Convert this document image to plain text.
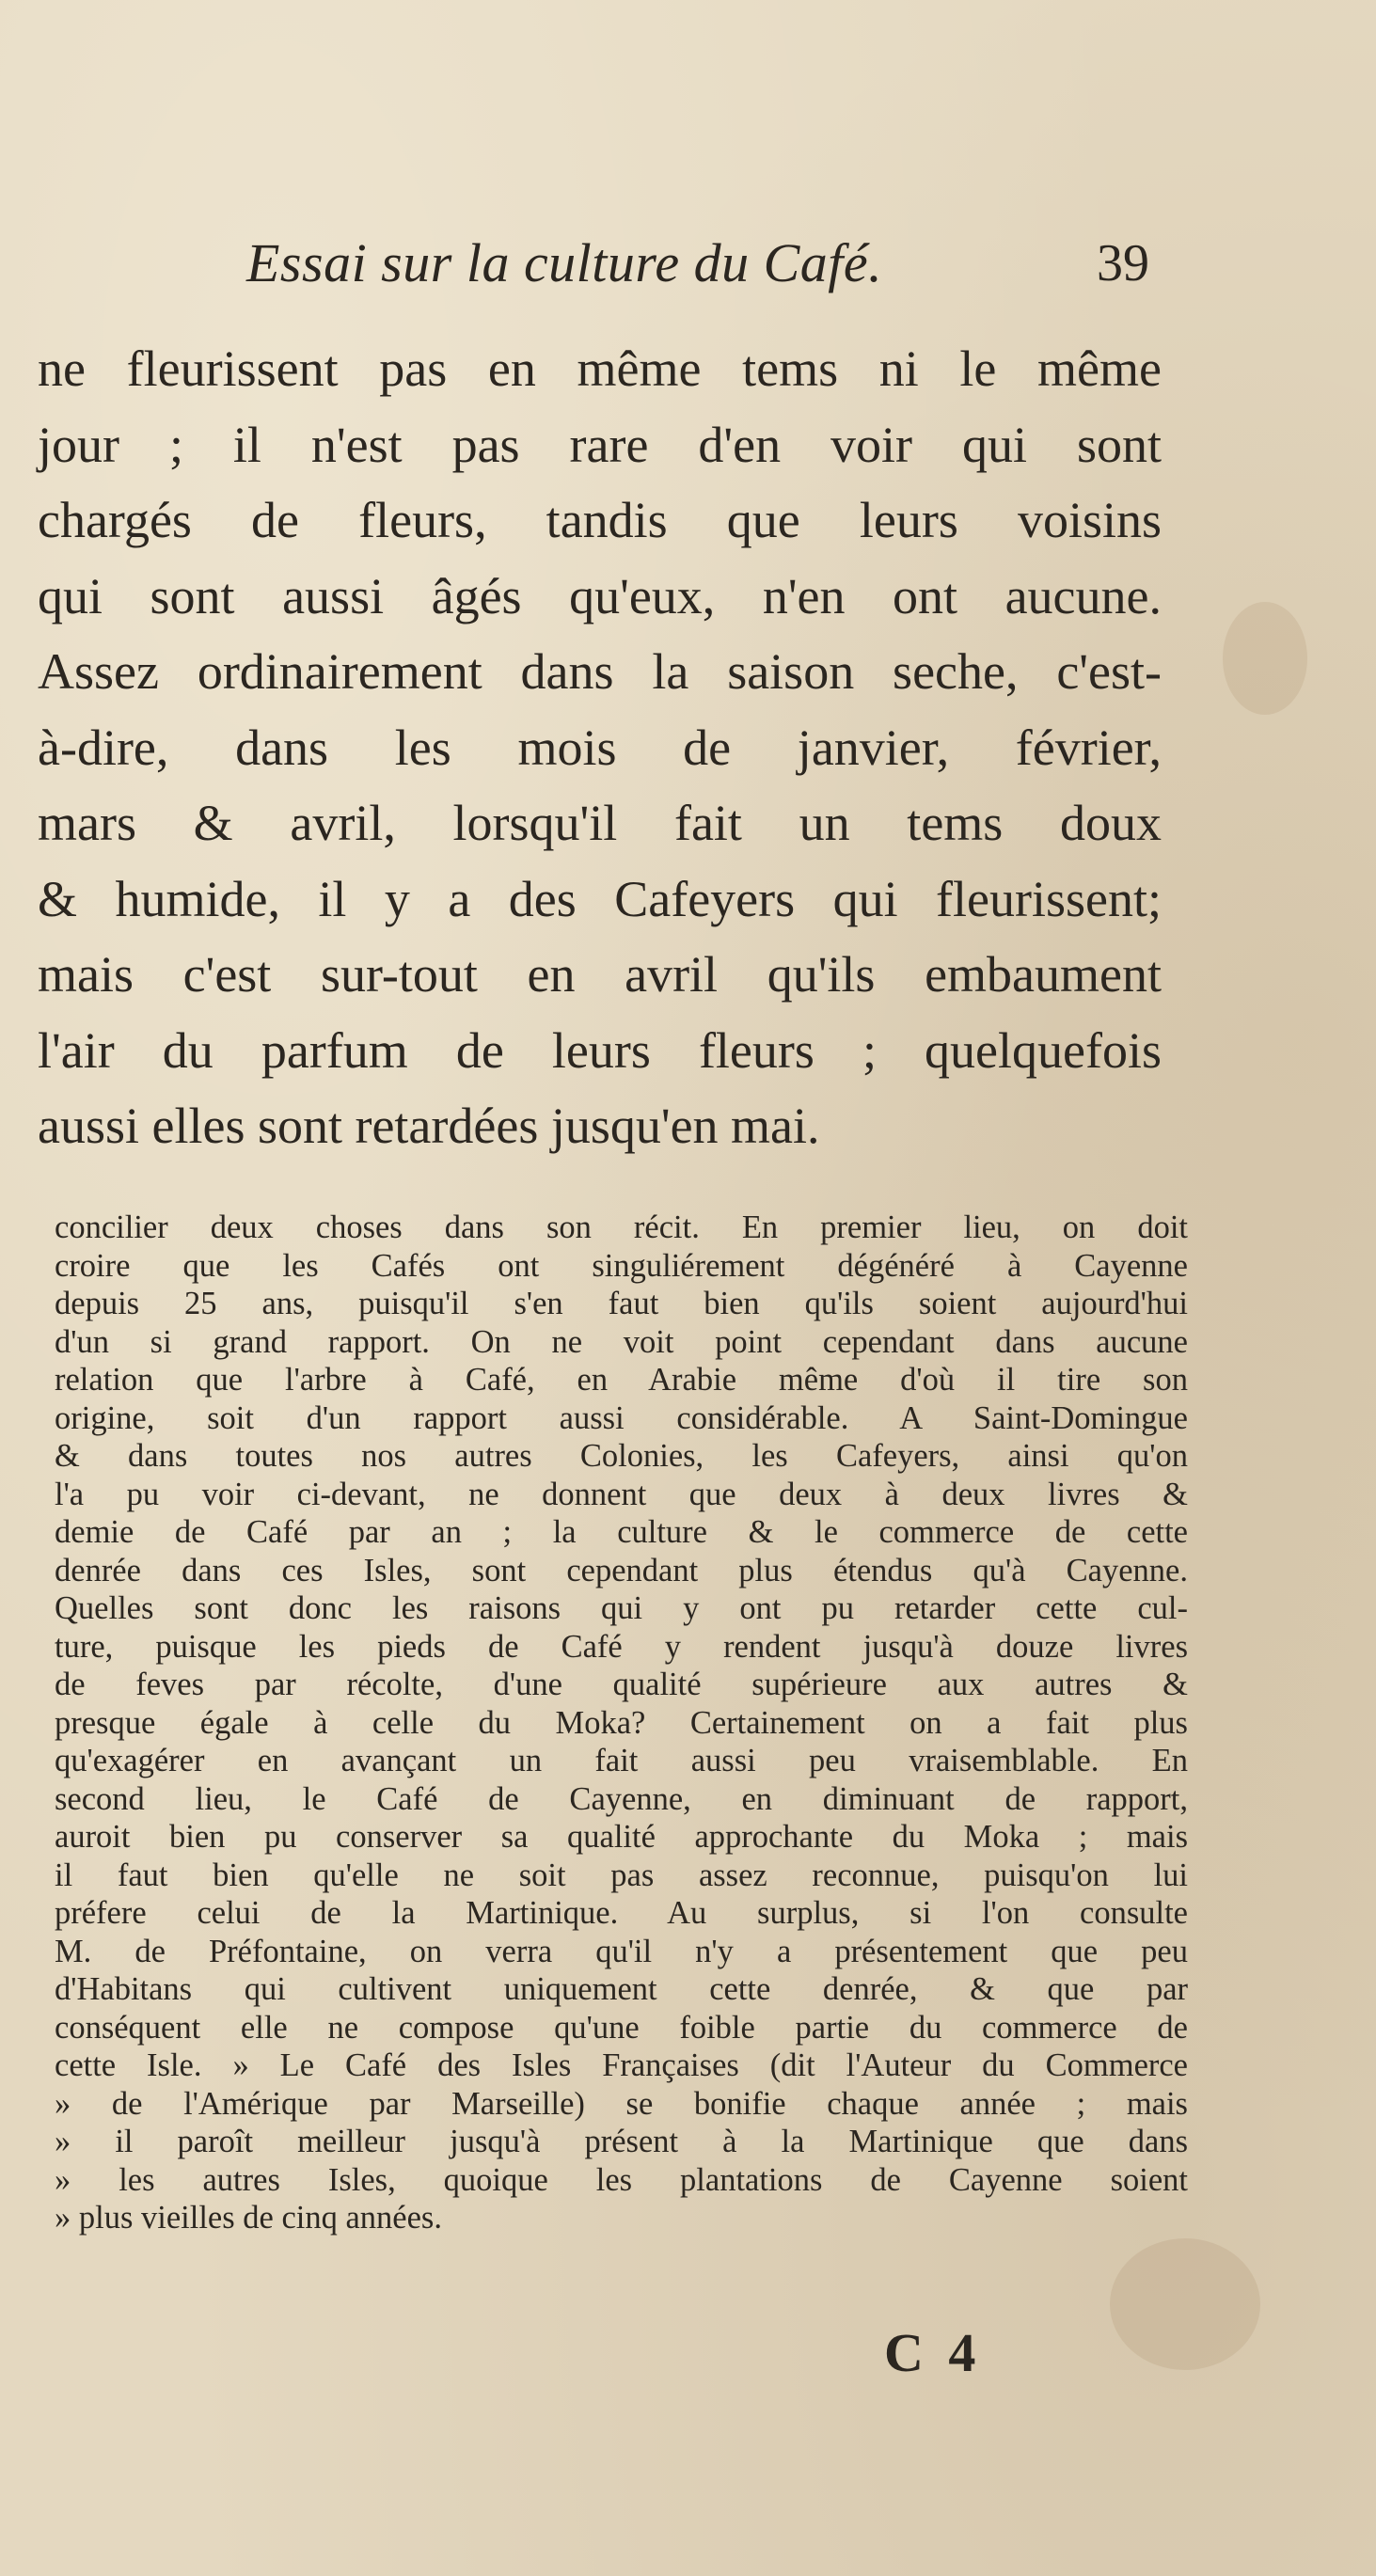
Essai sur la culture du Café.	39
ne fleurissent pas en même tems ni le même
jour ; il n'est pas rare d'en voir qui sont
chargés de fleurs, tandis que leurs voisins
qui sont aussi âgés qu'eux, n'en ont aucune.
Assez ordinairement dans la saison seche, c'est-
à-dire, dans les mois de janvier, février,
mars & avril, lorsqu'il fait un tems doux
& humide, il y a des Cafeyers qui fleurissent;
mais c'est sur-tout en avril qu'ils embaument
l'air du parfum de leurs fleurs ; quelquefois
aussi elles sont retardées jusqu'en mai.
concilier deux choses dans son récit. En premier lieu, on doit
croire que les Cafés ont singuliérement dégénéré à Cayenne
depuis 25 ans, puisqu'il s'en faut bien qu'ils soient aujourd'hui
d'un si grand rapport. On ne voit point cependant dans aucune
relation que l'arbre à Café, en Arabie même d'où il tire son
origine, soit d'un rapport aussi considérable. A Saint-Domingue
& dans toutes nos autres Colonies, les Cafeyers, ainsi qu'on
l'a pu voir ci-devant, ne donnent que deux à deux livres &
demie de Café par an ; la culture & le commerce de cette
denrée dans ces Isles, sont cependant plus étendus qu'à Cayenne.
Quelles sont donc les raisons qui y ont pu retarder cette cul-
ture, puisque les pieds de Café y rendent jusqu'à douze livres
de feves par récolte, d'une qualité supérieure aux autres &
presque égale à celle du Moka? Certainement on a fait plus
qu'exagérer en avançant un fait aussi peu vraisemblable. En
second lieu, le Café de Cayenne, en diminuant de rapport,
auroit bien pu conserver sa qualité approchante du Moka ; mais
il faut bien qu'elle ne soit pas assez reconnue, puisqu'on lui
préfere celui de la Martinique. Au surplus, si l'on consulte
M. de Préfontaine, on verra qu'il n'y a présentement que peu
d'Habitans qui cultivent uniquement cette denrée, & que par
conséquent elle ne compose qu'une foible partie du commerce de
cette Isle. » Le Café des Isles Françaises (dit l'Auteur du Commerce
» de l'Amérique par Marseille) se bonifie chaque année ; mais
» il paroît meilleur jusqu'à présent à la Martinique que dans
» les autres Isles, quoique les plantations de Cayenne soient
» plus vieilles de cinq années.
C 4
